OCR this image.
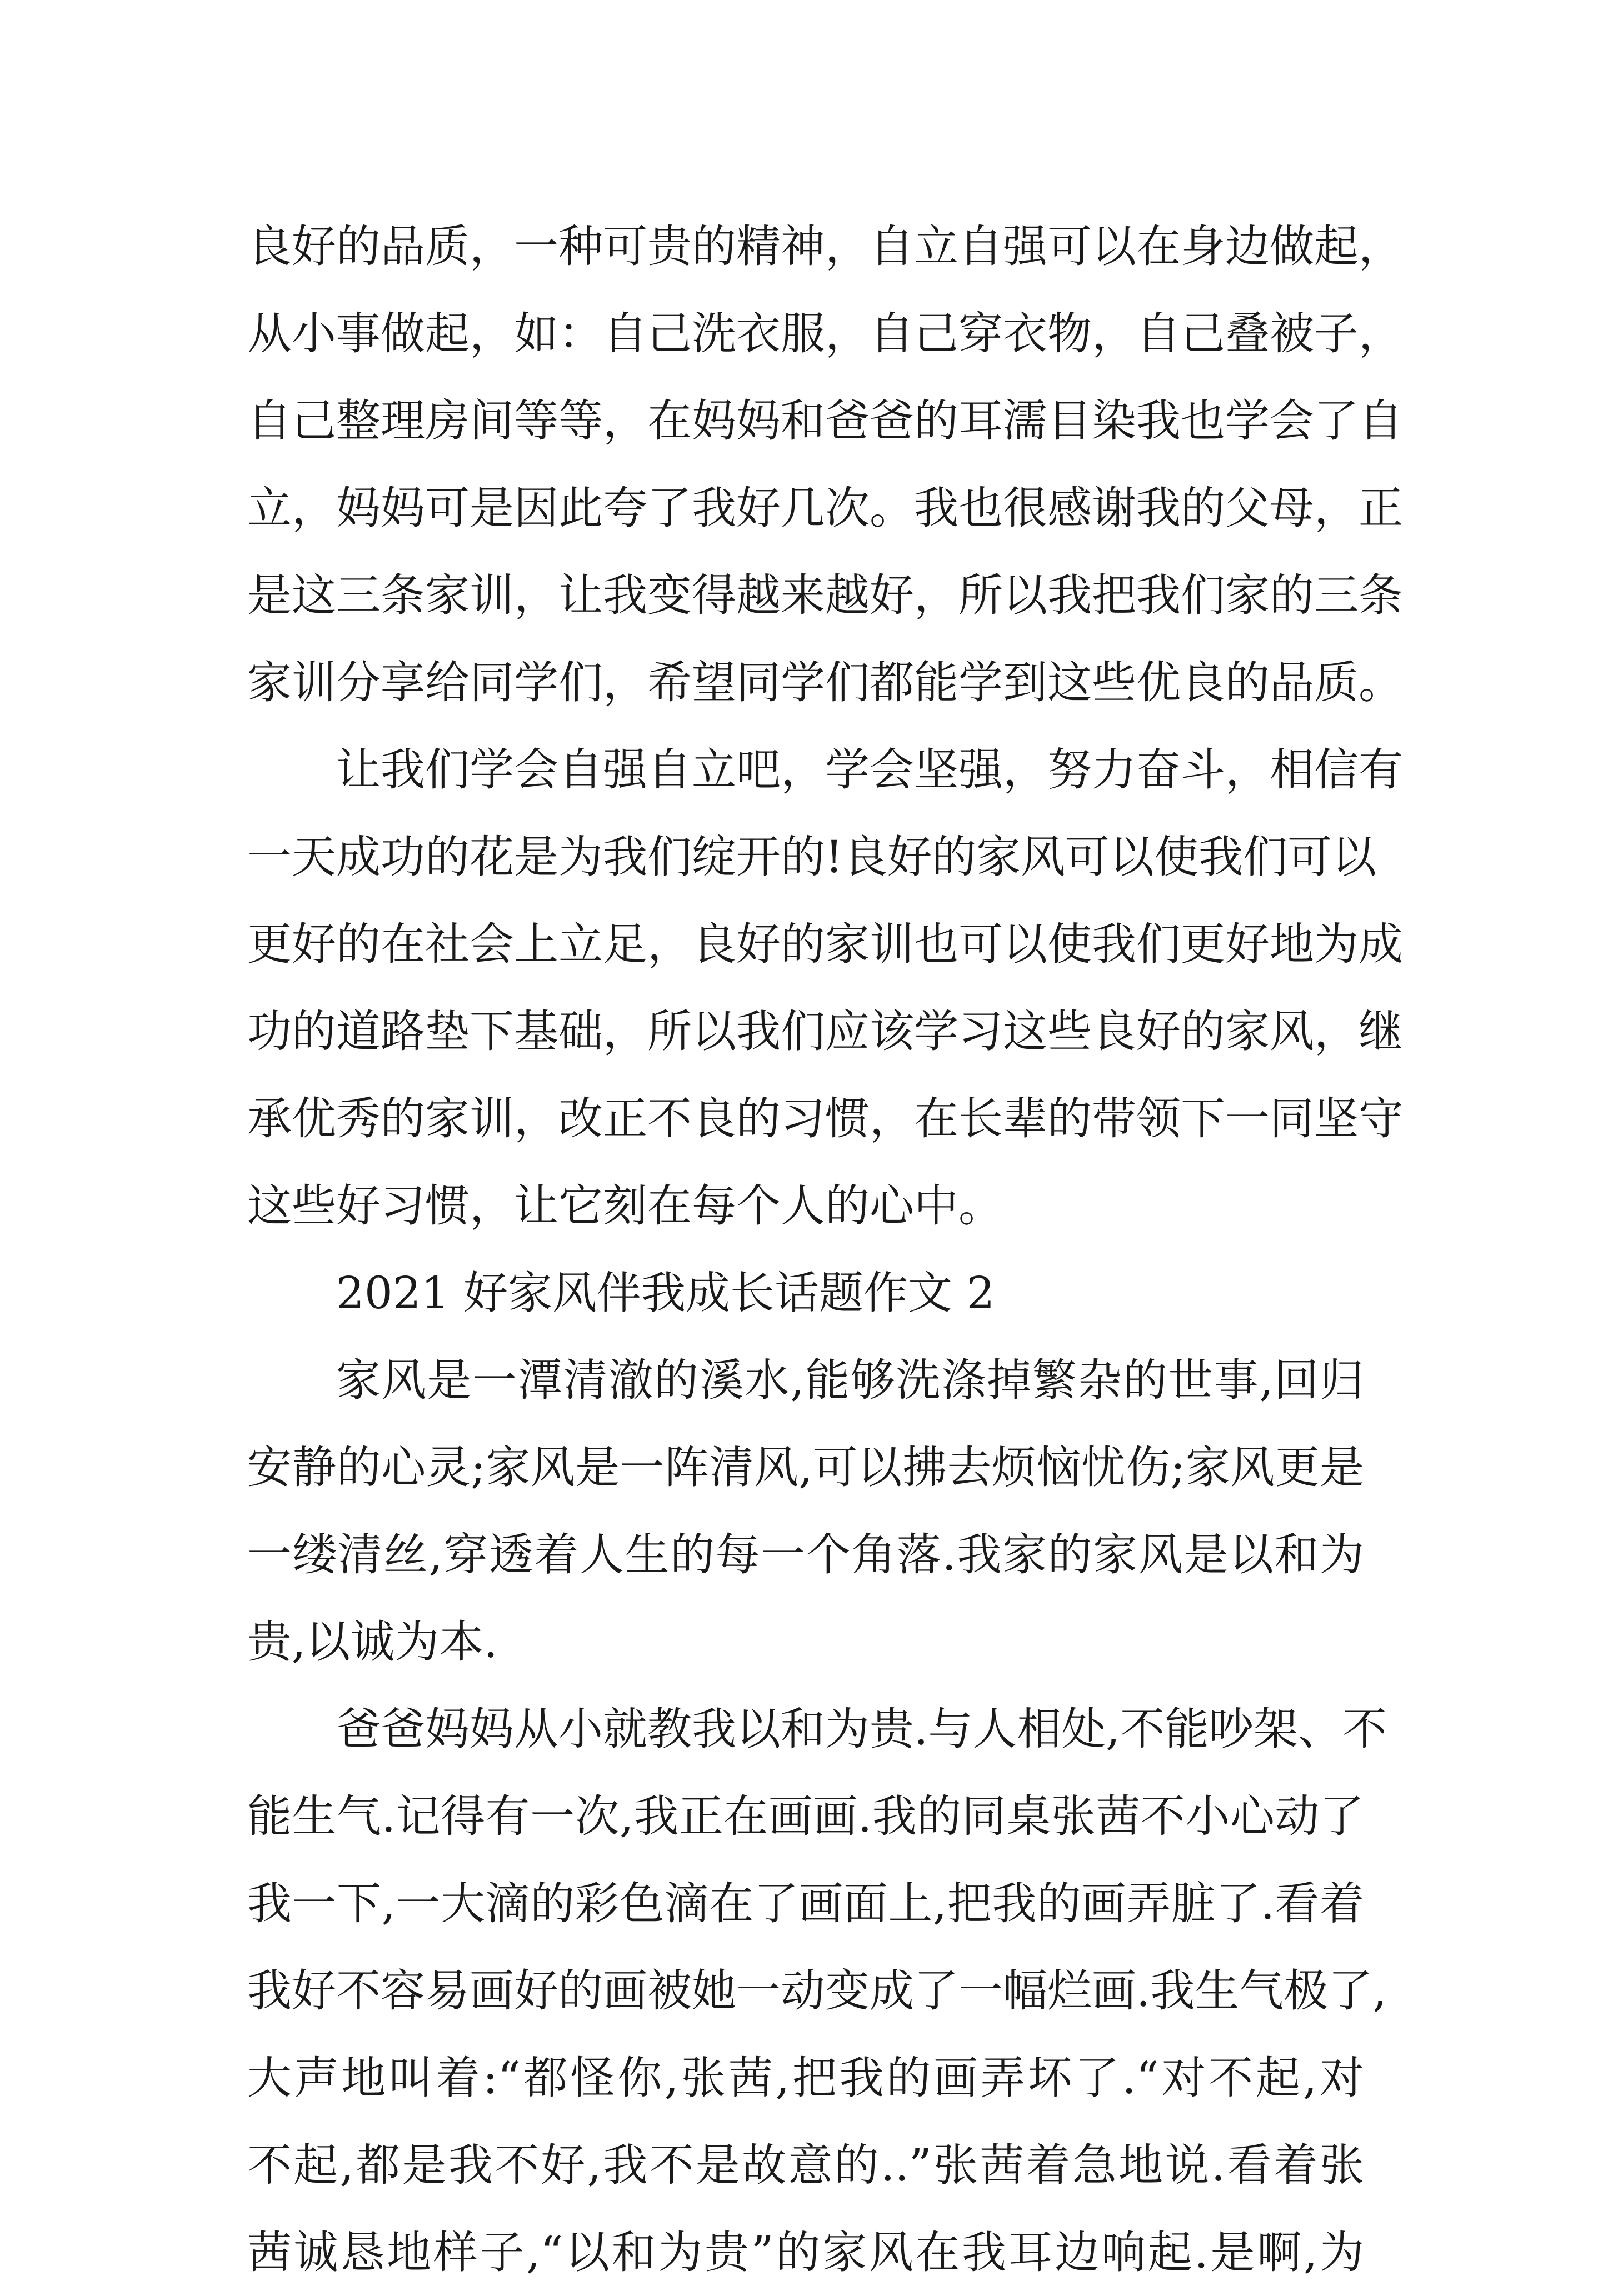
良好的品质，一种可贵的精神，自立自强可以在身边做起，
从小事做起，如：自己洗衣服，自己穿衣物，自己叠被子，
自己整理房间等等，在妈妈和爸爸的耳濡目染我也学会了自
立，妈妈可是因此夸了我好几次。我也很感谢我的父母，正
是这三条家训，让我变得越来越好，所以我把我们家的三条
家训分享给同学们，希望同学们都能学到这些优良的品质。
让我们学会自强自立吧，学会坚强，努力奋斗，相信有
一天成功的花是为我们绽开的!良好的家风可以使我们可以
更好的在社会上立足，良好的家训也可以使我们更好地为成
功的道路垫下基础，所以我们应该学习这些良好的家风，继
承优秀的家训，改正不良的习惯，在长辈的带领下一同坚守
这些好习惯，让它刻在每个人的心中。
2021 好家风伴我成长话题作文 2
家风是一潭清澈的溪水,能够洗涤掉繁杂的世事,回归
安静的心灵;家风是一阵清风,可以拂去烦恼忧伤;家风更是
一缕清丝,穿透着人生的每一个角落.我家的家风是以和为
贵,以诚为本.
爸爸妈妈从小就教我以和为贵.与人相处,不能吵架、不
能生气.记得有一次,我正在画画.我的同桌张茜不小心动了
我一下,一大滴的彩色滴在了画面上,把我的画弄脏了.看着
我好不容易画好的画被她一动变成了一幅烂画.我生气极了,
大声地叫着:“都怪你,张茜,把我的画弄坏了.“对不起,对
不起,都是我不好,我不是故意的..”张茜着急地说.看着张
茜诚恳地样子,“以和为贵”的家风在我耳边响起.是啊,为
